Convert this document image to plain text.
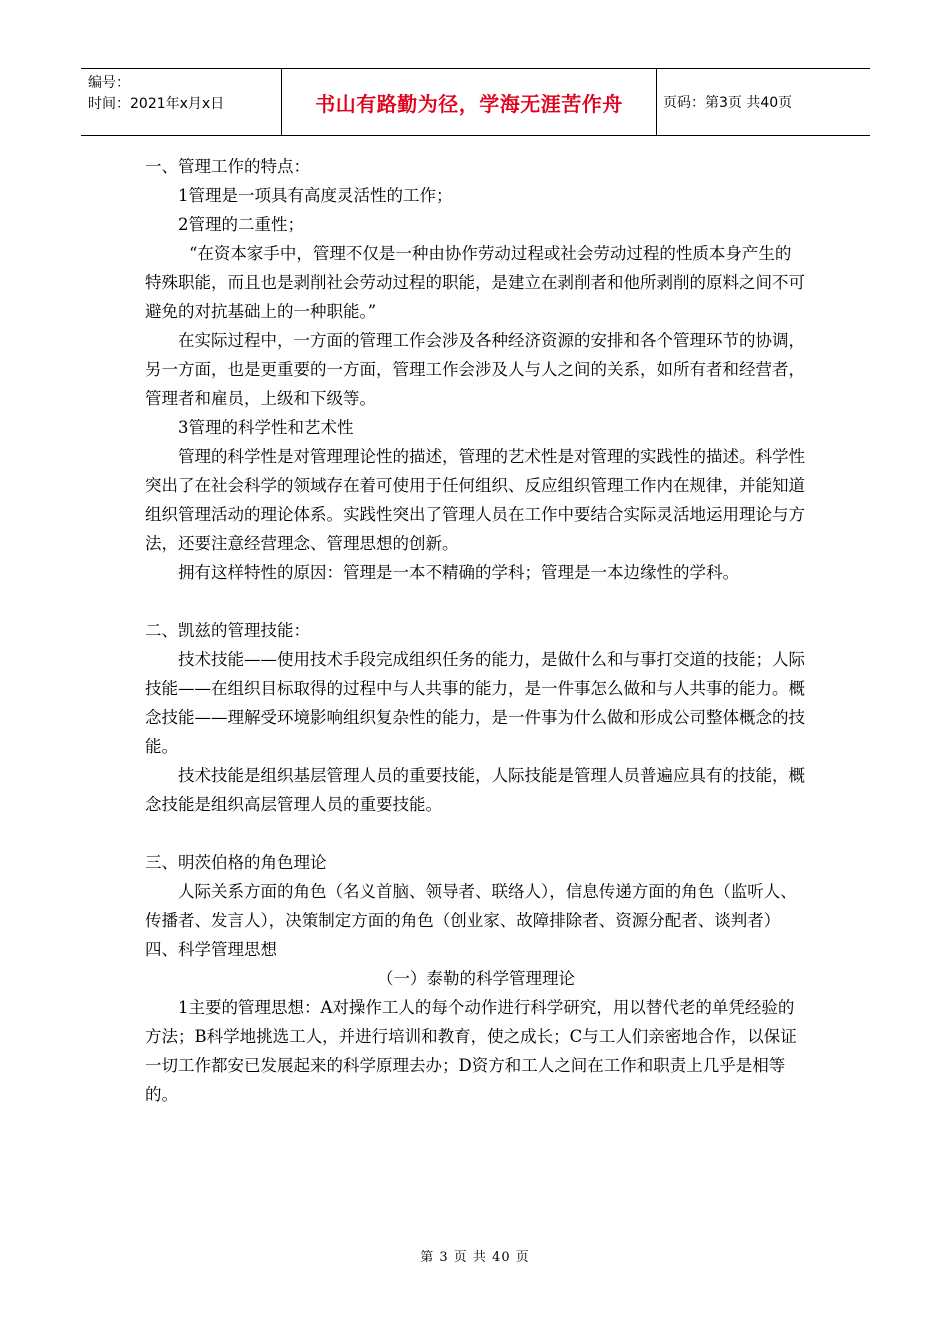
编号：
时间：2021年x月x日	书山有路勤为径，学海无涯苦作舟	页码：第3页 共40页

一、管理工作的特点：

1管理是一项具有高度灵活性的工作；

2管理的二重性；

“在资本家手中，管理不仅是一种由协作劳动过程或社会劳动过程的性质本身产生的特殊职能，而且也是剥削社会劳动过程的职能，是建立在剥削者和他所剥削的原料之间不可避免的对抗基础上的一种职能。”

在实际过程中，一方面的管理工作会涉及各种经济资源的安排和各个管理环节的协调，另一方面，也是更重要的一方面，管理工作会涉及人与人之间的关系，如所有者和经营者，管理者和雇员，上级和下级等。

3管理的科学性和艺术性

管理的科学性是对管理理论性的描述，管理的艺术性是对管理的实践性的描述。科学性突出了在社会科学的领域存在着可使用于任何组织、反应组织管理工作内在规律，并能知道组织管理活动的理论体系。实践性突出了管理人员在工作中要结合实际灵活地运用理论与方法，还要注意经营理念、管理思想的创新。

拥有这样特性的原因：管理是一本不精确的学科；管理是一本边缘性的学科。

二、凯兹的管理技能：

技术技能——使用技术手段完成组织任务的能力，是做什么和与事打交道的技能；人际技能——在组织目标取得的过程中与人共事的能力，是一件事怎么做和与人共事的能力。概念技能——理解受环境影响组织复杂性的能力，是一件事为什么做和形成公司整体概念的技能。

技术技能是组织基层管理人员的重要技能，人际技能是管理人员普遍应具有的技能，概念技能是组织高层管理人员的重要技能。

三、明茨伯格的角色理论

人际关系方面的角色（名义首脑、领导者、联络人），信息传递方面的角色（监听人、传播者、发言人），决策制定方面的角色（创业家、故障排除者、资源分配者、谈判者）

四、科学管理思想

（一）泰勒的科学管理理论

1主要的管理思想：A对操作工人的每个动作进行科学研究，用以替代老的单凭经验的方法；B科学地挑选工人，并进行培训和教育，使之成长；C与工人们亲密地合作，以保证一切工作都安已发展起来的科学原理去办；D资方和工人之间在工作和职责上几乎是相等的。

第 3 页 共 40 页
